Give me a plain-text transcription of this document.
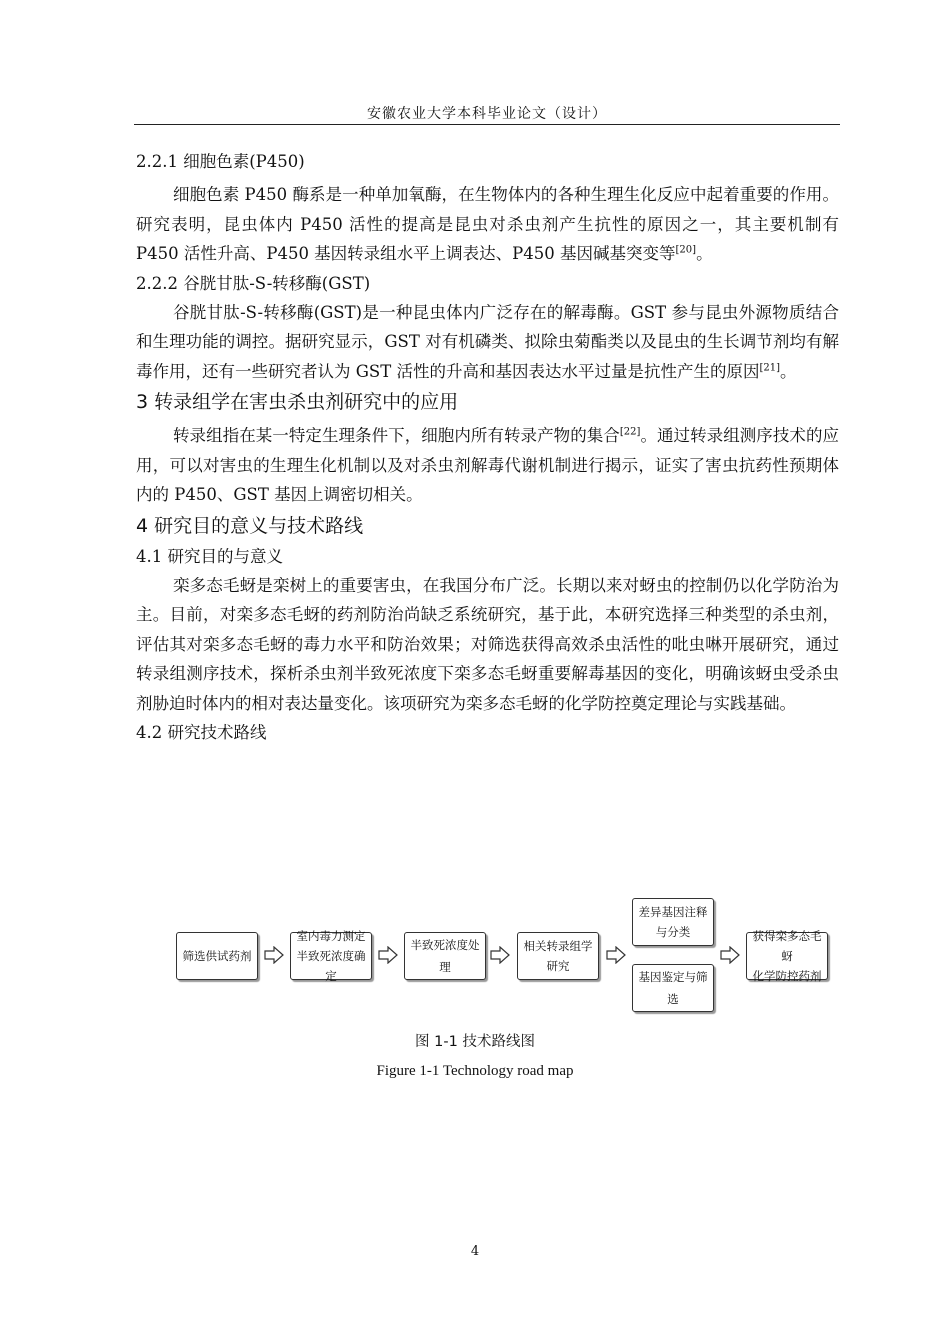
安徽农业大学本科毕业论文（设计）
2.2.1 细胞色素(P450)

细胞色素 P450 酶系是一种单加氧酶，在生物体内的各种生理生化反应中起着重要的作用。研究表明，昆虫体内 P450 活性的提高是昆虫对杀虫剂产生抗性的原因之一，其主要机制有 P450 活性升高、P450 基因转录组水平上调表达、P450 基因碱基突变等[20]。

2.2.2 谷胱甘肽-S-转移酶(GST)

谷胱甘肽-S-转移酶(GST)是一种昆虫体内广泛存在的解毒酶。GST 参与昆虫外源物质结合和生理功能的调控。据研究显示，GST 对有机磷类、拟除虫菊酯类以及昆虫的生长调节剂均有解毒作用，还有一些研究者认为 GST 活性的升高和基因表达水平过量是抗性产生的原因[21]。

3 转录组学在害虫杀虫剂研究中的应用

转录组指在某一特定生理条件下，细胞内所有转录产物的集合[22]。通过转录组测序技术的应用，可以对害虫的生理生化机制以及对杀虫剂解毒代谢机制进行揭示，证实了害虫抗药性预期体内的 P450、GST 基因上调密切相关。

4 研究目的意义与技术路线
4.1 研究目的与意义

栾多态毛蚜是栾树上的重要害虫，在我国分布广泛。长期以来对蚜虫的控制仍以化学防治为主。目前，对栾多态毛蚜的药剂防治尚缺乏系统研究，基于此，本研究选择三种类型的杀虫剂，评估其对栾多态毛蚜的毒力水平和防治效果；对筛选获得高效杀虫活性的吡虫啉开展研究，通过转录组测序技术，探析杀虫剂半致死浓度下栾多态毛蚜重要解毒基因的变化，明确该蚜虫受杀虫剂胁迫时体内的相对表达量变化。该项研究为栾多态毛蚜的化学防控奠定理论与实践基础。

4.2 研究技术路线
筛选供试药剂
室内毒力测定
半致死浓度确定
半致死浓度处理
相关转录组学
研究
差异基因注释
与分类
基因鉴定与筛选
获得栾多态毛蚜
化学防控药剂
图 1-1 技术路线图
Figure 1-1 Technology road map
4
